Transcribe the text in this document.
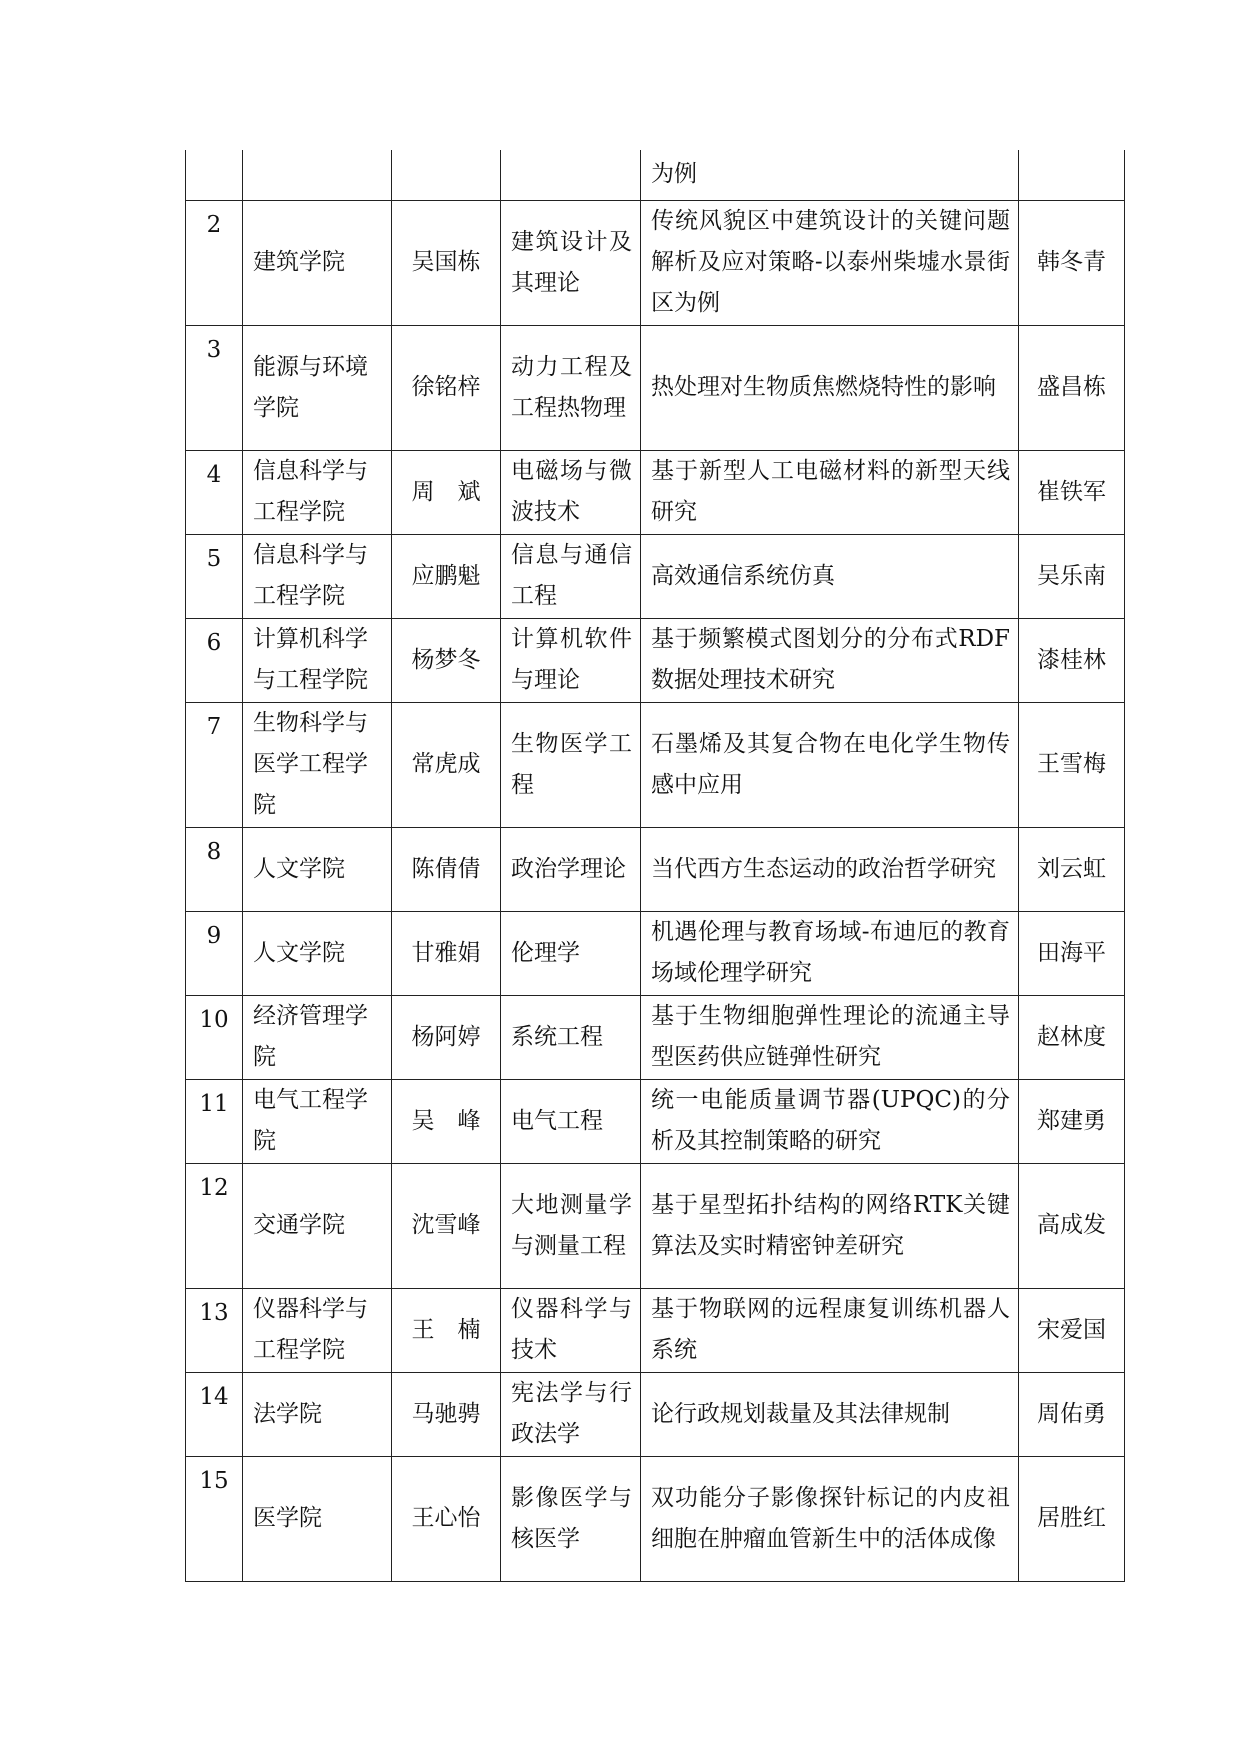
				为例	
2	建筑学院	吴国栋	建筑设计及其理论	传统风貌区中建筑设计的关键问题解析及应对策略-以泰州柴墟水景街区为例	韩冬青
3	能源与环境学院	徐铭梓	动力工程及工程热物理	热处理对生物质焦燃烧特性的影响	盛昌栋
4	信息科学与工程学院	周　斌	电磁场与微波技术	基于新型人工电磁材料的新型天线研究	崔铁军
5	信息科学与工程学院	应鹏魁	信息与通信工程	高效通信系统仿真	吴乐南
6	计算机科学与工程学院	杨梦冬	计算机软件与理论	基于频繁模式图划分的分布式RDF数据处理技术研究	漆桂林
7	生物科学与医学工程学院	常虎成	生物医学工程	石墨烯及其复合物在电化学生物传感中应用	王雪梅
8	人文学院	陈倩倩	政治学理论	当代西方生态运动的政治哲学研究	刘云虹
9	人文学院	甘雅娟	伦理学	机遇伦理与教育场域-布迪厄的教育场域伦理学研究	田海平
10	经济管理学院	杨阿婷	系统工程	基于生物细胞弹性理论的流通主导型医药供应链弹性研究	赵林度
11	电气工程学院	吴　峰	电气工程	统一电能质量调节器(UPQC)的分析及其控制策略的研究	郑建勇
12	交通学院	沈雪峰	大地测量学与测量工程	基于星型拓扑结构的网络RTK关键算法及实时精密钟差研究	高成发
13	仪器科学与工程学院	王　楠	仪器科学与技术	基于物联网的远程康复训练机器人系统	宋爱国
14	法学院	马驰骋	宪法学与行政法学	论行政规划裁量及其法律规制	周佑勇
15	医学院	王心怡	影像医学与核医学	双功能分子影像探针标记的内皮祖细胞在肿瘤血管新生中的活体成像	居胜红
